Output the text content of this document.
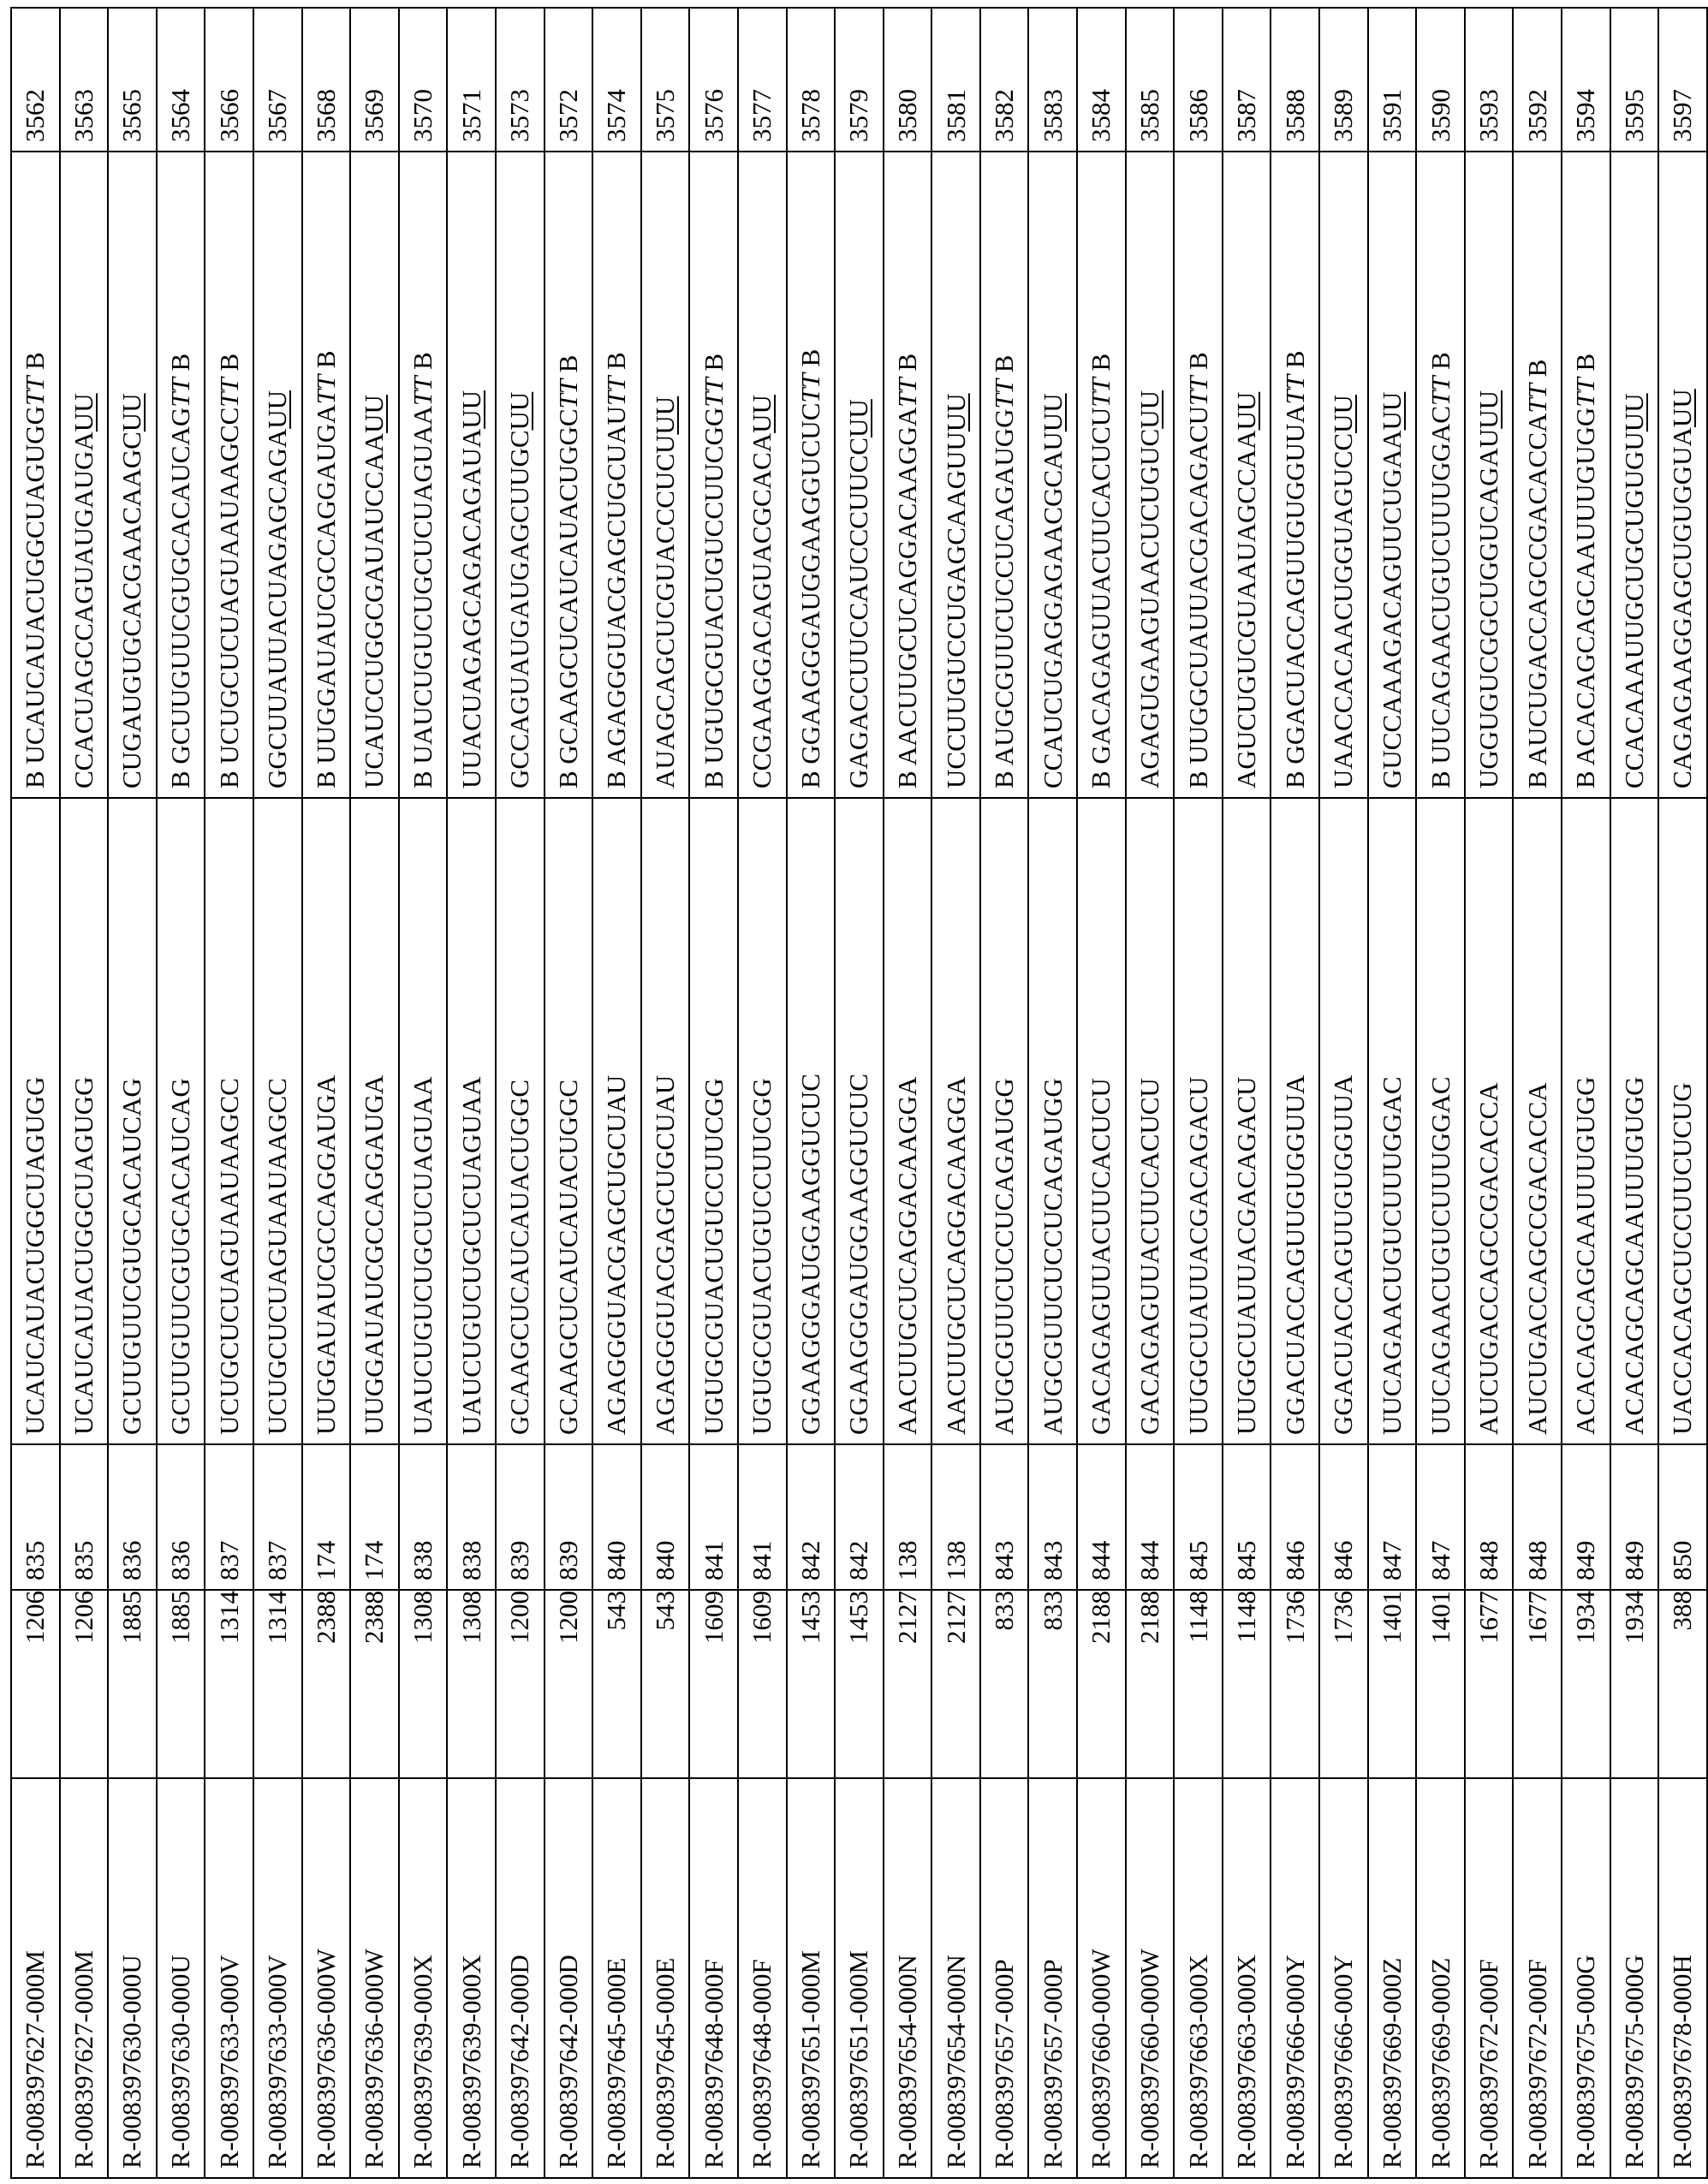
R-008397627-000M	1206	835	UCAUCAUACUGGCUAGUGG	B UCAUCAUACUGGCUAGUGGTT B	3562
R-008397627-000M	1206	835	UCAUCAUACUGGCUAGUGG	CCACUAGCCAGUAUGAUGAUU	3563
R-008397630-000U	1885	836	GCUUGUUCGUGCACAUCAG	CUGAUGUGCACGAACAAGCUU	3565
R-008397630-000U	1885	836	GCUUGUUCGUGCACAUCAG	B GCUUGUUCGUGCACAUCAGTT B	3564
R-008397633-000V	1314	837	UCUGCUCUAGUAAUAAGCC	B UCUGCUCUAGUAAUAAGCCTT B	3566
R-008397633-000V	1314	837	UCUGCUCUAGUAAUAAGCC	GGCUUAUUACUAGAGCAGAUU	3567
R-008397636-000W	2388	174	UUGGAUAUCGCCAGGAUGA	B UUGGAUAUCGCCAGGAUGATT B	3568
R-008397636-000W	2388	174	UUGGAUAUCGCCAGGAUGA	UCAUCCUGGCGAUAUCCAAUU	3569
R-008397639-000X	1308	838	UAUCUGUCUGCUCUAGUAA	B UAUCUGUCUGCUCUAGUAATT B	3570
R-008397639-000X	1308	838	UAUCUGUCUGCUCUAGUAA	UUACUAGAGCAGACAGAUAUU	3571
R-008397642-000D	1200	839	GCAAGCUCAUCAUACUGGC	GCCAGUAUGAUGAGCUUGCUU	3573
R-008397642-000D	1200	839	GCAAGCUCAUCAUACUGGC	B GCAAGCUCAUCAUACUGGCTT B	3572
R-008397645-000E	543	840	AGAGGGUACGAGCUGCUAU	B AGAGGGUACGAGCUGCUAUTT B	3574
R-008397645-000E	543	840	AGAGGGUACGAGCUGCUAU	AUAGCAGCUCGUACCCUCUUU	3575
R-008397648-000F	1609	841	UGUGCGUACUGUCCUUCGG	B UGUGCGUACUGUCCUUCGGTT B	3576
R-008397648-000F	1609	841	UGUGCGUACUGUCCUUCGG	CCGAAGGACAGUACGCACAUU	3577
R-008397651-000M	1453	842	GGAAGGGAUGGAAGGUCUC	B GGAAGGGAUGGAAGGUCUCTT B	3578
R-008397651-000M	1453	842	GGAAGGGAUGGAAGGUCUC	GAGACCUUCCAUCCCUUCCUU	3579
R-008397654-000N	2127	138	AACUUGCUCAGGACAAGGA	B AACUUGCUCAGGACAAGGATT B	3580
R-008397654-000N	2127	138	AACUUGCUCAGGACAAGGA	UCCUUGUCCUGAGCAAGUUUU	3581
R-008397657-000P	833	843	AUGCGUUCUCCUCAGAUGG	B AUGCGUUCUCCUCAGAUGGTT B	3582
R-008397657-000P	833	843	AUGCGUUCUCCUCAGAUGG	CCAUCUGAGGAGAACGCAUUU	3583
R-008397660-000W	2188	844	GACAGAGUUACUUCACUCU	B GACAGAGUUACUUCACUCUTT B	3584
R-008397660-000W	2188	844	GACAGAGUUACUUCACUCU	AGAGUGAAGUAACUCUGUCUU	3585
R-008397663-000X	1148	845	UUGGCUAUUACGACAGACU	B UUGGCUAUUACGACAGACUTT B	3586
R-008397663-000X	1148	845	UUGGCUAUUACGACAGACU	AGUCUGUCGUAAUAGCCAAUU	3587
R-008397666-000Y	1736	846	GGACUACCAGUUGUGGUUA	B GGACUACCAGUUGUGGUUATT B	3588
R-008397666-000Y	1736	846	GGACUACCAGUUGUGGUUA	UAACCACAACUGGUAGUCCUU	3589
R-008397669-000Z	1401	847	UUCAGAACUGUCUUUGGAC	GUCCAAAGACAGUUCUGAAUU	3591
R-008397669-000Z	1401	847	UUCAGAACUGUCUUUGGAC	B UUCAGAACUGUCUUUGGACTT B	3590
R-008397672-000F	1677	848	AUCUGACCAGCCGACACCA	UGGUGUCGGCUGGUCAGAUUU	3593
R-008397672-000F	1677	848	AUCUGACCAGCCGACACCA	B AUCUGACCAGCCGACACCATT B	3592
R-008397675-000G	1934	849	ACACAGCAGCAAUUUGUGG	B ACACAGCAGCAAUUUGUGGTT B	3594
R-008397675-000G	1934	849	ACACAGCAGCAAUUUGUGG	CCACAAAUUGCUGCUGUGUUU	3595
R-008397678-000H	388	850	UACCACAGCUCCUUCUCUG	CAGAGAAGGAGCUGUGGUAUU	3597
